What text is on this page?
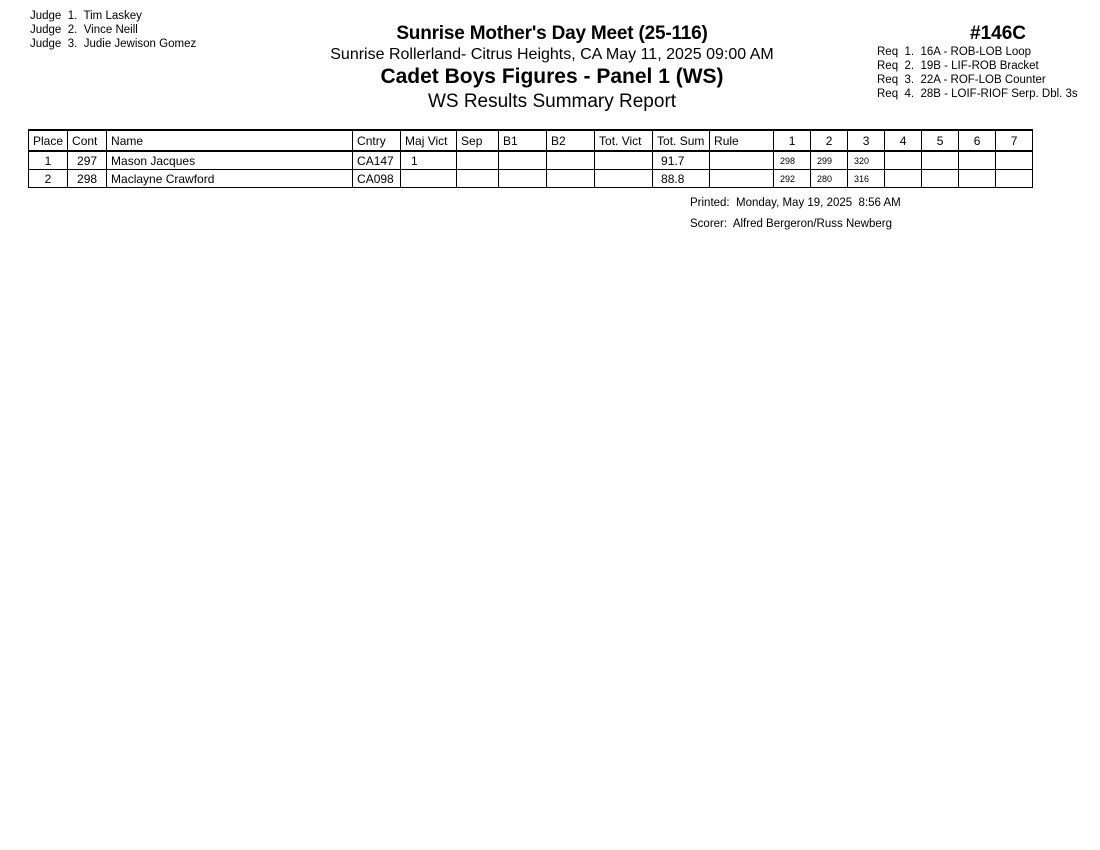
Judge  1. Tim Laskey
Judge  2. Vince Neill
Judge  3. Judie Jewison Gomez	Sunrise Mother's Day Meet (25-116)
Sunrise Rollerland- Citrus Heights, CA May 11, 2025 09:00 AM
Cadet Boys Figures - Panel 1 (WS)
WS Results Summary Report
#146C
Req  1.  16A - ROB-LOB Loop
Req  2.  19B - LIF-ROB Bracket
Req  3.  22A - ROF-LOB Counter
Req  4.  28B - LOIF-RIOF Serp. Dbl. 3s
Place	Cont	Name	Cntry	Maj Vict	Sep	B1	B2	Tot. Vict	Tot. Sum	Rule	1	2	3	4	5	6	7
1	297	Mason Jacques	CA147	1					91.7		298	299	320				
2	298	Maclayne Crawford	CA098						88.8		292	280	316				
Printed:  Monday, May 19, 2025  8:56 AM
Scorer:  Alfred Bergeron/Russ Newberg
